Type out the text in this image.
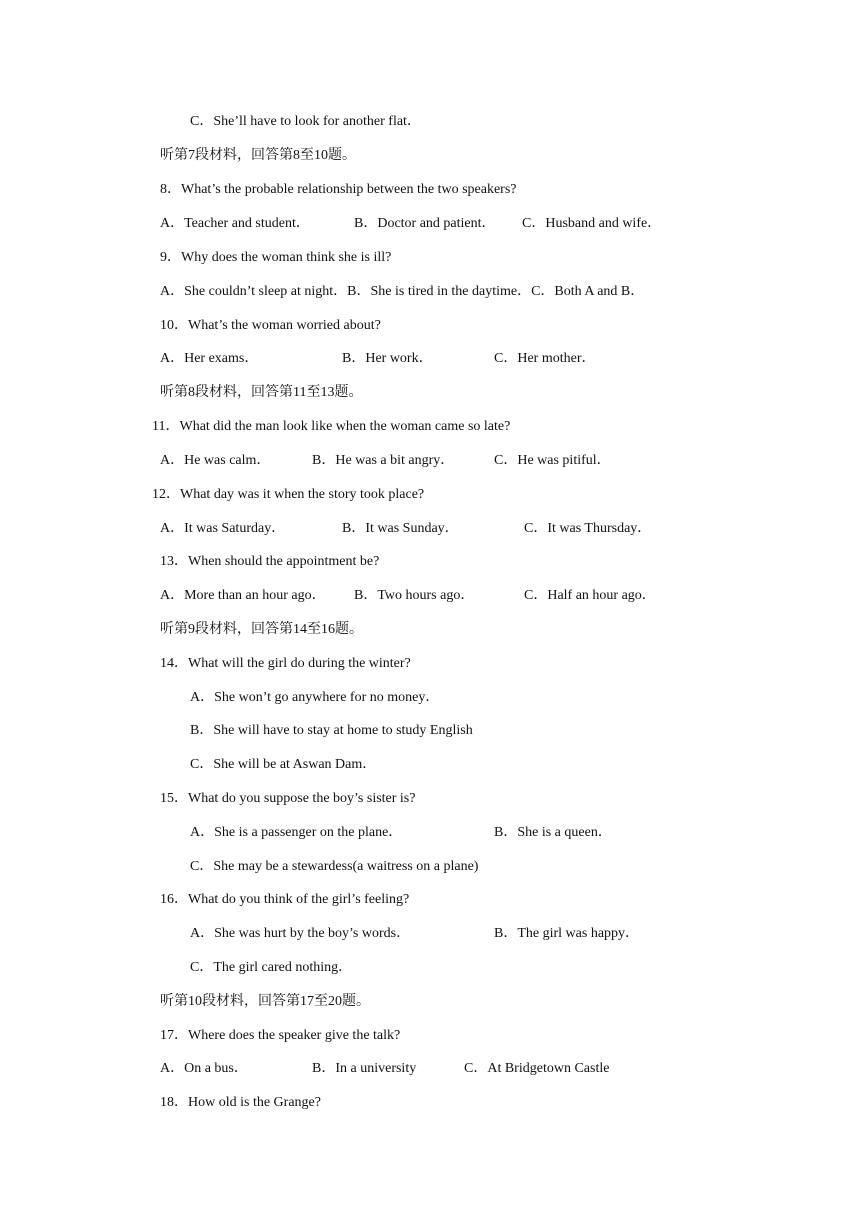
C．She’ll have to look for another flat．
听第7段材料，回答第8至10题。
8．What’s the probable relationship between the two speakers?
A．Teacher and student．	B．Doctor and patient． C．Husband and wife．
9．Why does the woman think she is ill?
A．She couldn’t sleep at night．B．She is tired in the daytime．C．Both A and B．
10．What’s the woman worried about?
A．Her exams．	B．Her work．	C．Her mother．
听第8段材料，回答第11至13题。
11．What did the man look like when the woman came so late?
A．He was calm．	B．He was a bit angry．	C．He was pitiful．
12．What day was it when the story took place?
A．It was Saturday．	B．It was Sunday．	C．It was Thursday．
13．When should the appointment be?
A．More than an hour ago． B．Two hours ago．	C．Half an hour ago．
听第9段材料，回答第14至16题。
14．What will the girl do during the winter?
A．She won’t go anywhere for no money．
B．She will have to stay at home to study English
C．She will be at Aswan Dam．
15．What do you suppose the boy’s sister is?
A．She is a passenger on the plane．	B．She is a queen．
C．She may be a stewardess(a waitress on a plane)
16．What do you think of the girl’s feeling?
A．She was hurt by the boy’s words．	B．The girl was happy．
C．The girl cared nothing．
听第10段材料，回答第17至20题。
17．Where does the speaker give the talk?
A．On a bus．	B．In a university	C．At Bridgetown Castle
18．How old is the Grange?
